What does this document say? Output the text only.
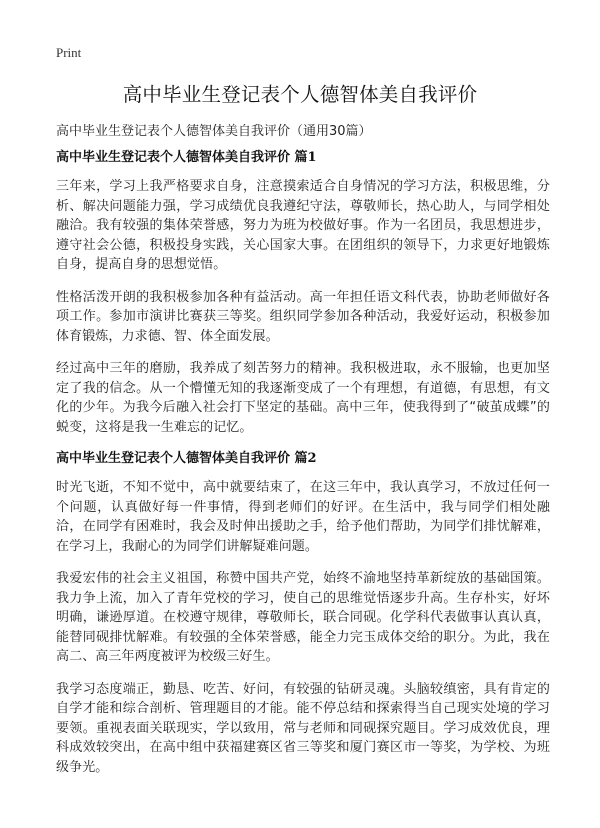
Print
高中毕业生登记表个人德智体美自我评价
高中毕业生登记表个人德智体美自我评价（通用30篇）
高中毕业生登记表个人德智体美自我评价 篇1

三年来，学习上我严格要求自身，注意摸索适合自身情况的学习方法，积极思维，分析、解决问题能力强，学习成绩优良我遵纪守法，尊敬师长，热心助人，与同学相处融洽。我有较强的集体荣誉感，努力为班为校做好事。作为一名团员，我思想进步，遵守社会公德，积极投身实践，关心国家大事。在团组织的领导下，力求更好地锻炼自身，提高自身的思想觉悟。

性格活泼开朗的我积极参加各种有益活动。高一年担任语文科代表，协助老师做好各项工作。参加市演讲比赛获三等奖。组织同学参加各种活动，我爱好运动，积极参加体育锻炼，力求德、智、体全面发展。

经过高中三年的磨励，我养成了刻苦努力的精神。我积极进取，永不服输，也更加坚定了我的信念。从一个懵懂无知的我逐渐变成了一个有理想，有道德，有思想，有文化的少年。为我今后融入社会打下坚定的基础。高中三年，使我得到了“破茧成蝶”的蜕变，这将是我一生难忘的记忆。

高中毕业生登记表个人德智体美自我评价 篇2

时光飞逝，不知不觉中，高中就要结束了，在这三年中，我认真学习，不放过任何一个问题，认真做好每一件事情，得到老师们的好评。在生活中，我与同学们相处融洽，在同学有困难时，我会及时伸出援助之手，给予他们帮助，为同学们排忧解难，在学习上，我耐心的为同学们讲解疑难问题。

我爱宏伟的社会主义祖国，称赞中国共产党，始终不渝地坚持革新绽放的基础国策。我力争上流，加入了青年党校的学习，使自己的思维觉悟逐步升高。生存朴实，好坏明确，谦逊厚道。在校遵守规律，尊敬师长，联合同砚。化学科代表做事认真认真，能替同砚排忧解难。有较强的全体荣誉感，能全力完玉成体交给的职分。为此，我在高二、高三年两度被评为校级三好生。

我学习态度端正，勤恳、吃苦、好问，有较强的钻研灵魂。头脑较缜密，具有肯定的自学才能和综合剖析、管理题目的才能。能不停总结和探索得当自己现实处境的学习要领。重视表面关联现实，学以致用，常与老师和同砚探究题目。学习成效优良，理科成效较突出，在高中组中获福建赛区省三等奖和厦门赛区市一等奖，为学校、为班级争光。
